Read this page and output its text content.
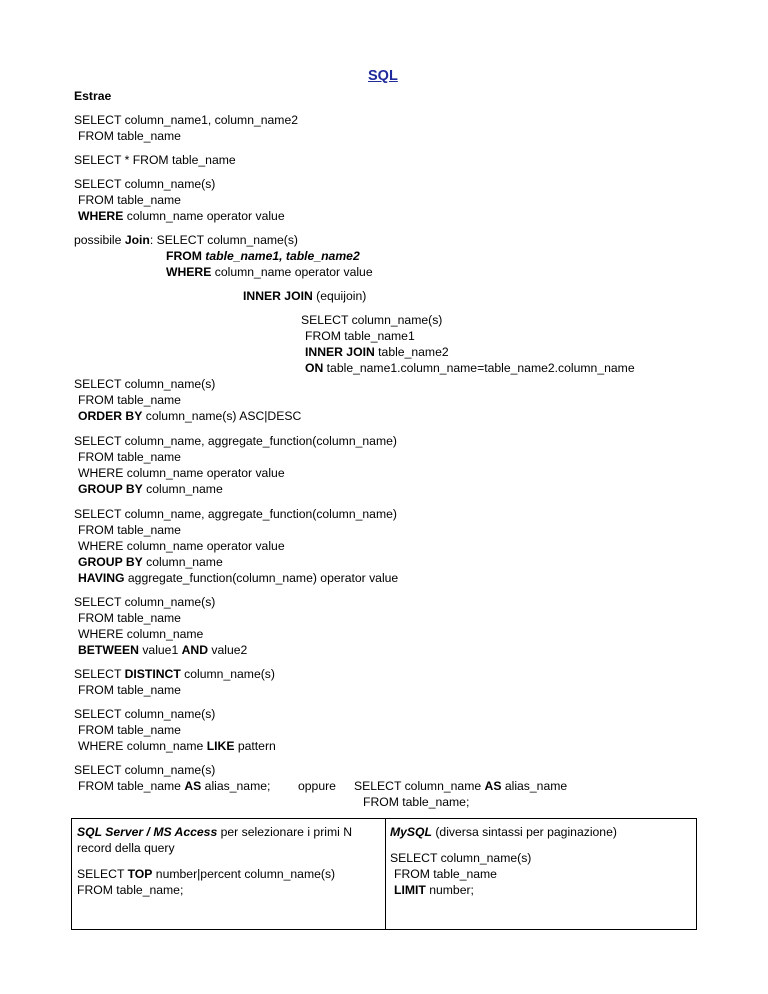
SQL
Estrae
SELECT column_name1, column_name2
FROM table_name
SELECT * FROM table_name
SELECT column_name(s)
FROM table_name
WHERE column_name operator value
possibile Join: SELECT column_name(s)
FROM table_name1, table_name2
WHERE column_name operator value
INNER JOIN (equijoin)
SELECT column_name(s)
FROM table_name1
INNER JOIN table_name2
ON table_name1.column_name=table_name2.column_name
SELECT column_name(s)
FROM table_name
ORDER BY column_name(s) ASC|DESC
SELECT column_name, aggregate_function(column_name)
FROM table_name
WHERE column_name operator value
GROUP BY column_name
SELECT column_name, aggregate_function(column_name)
FROM table_name
WHERE column_name operator value
GROUP BY column_name
HAVING aggregate_function(column_name) operator value
SELECT column_name(s)
FROM table_name
WHERE column_name
BETWEEN value1 AND value2
SELECT DISTINCT column_name(s)
FROM table_name
SELECT column_name(s)
FROM table_name
WHERE column_name LIKE pattern
SELECT column_name(s)
FROM table_name AS alias_name; oppure SELECT column_name AS alias_name
FROM table_name;
SQL Server / MS Access per selezionare i primi N record della query
SELECT TOP number|percent column_name(s)
FROM table_name;
MySQL (diversa sintassi per paginazione)
SELECT column_name(s)
FROM table_name
LIMIT number;
